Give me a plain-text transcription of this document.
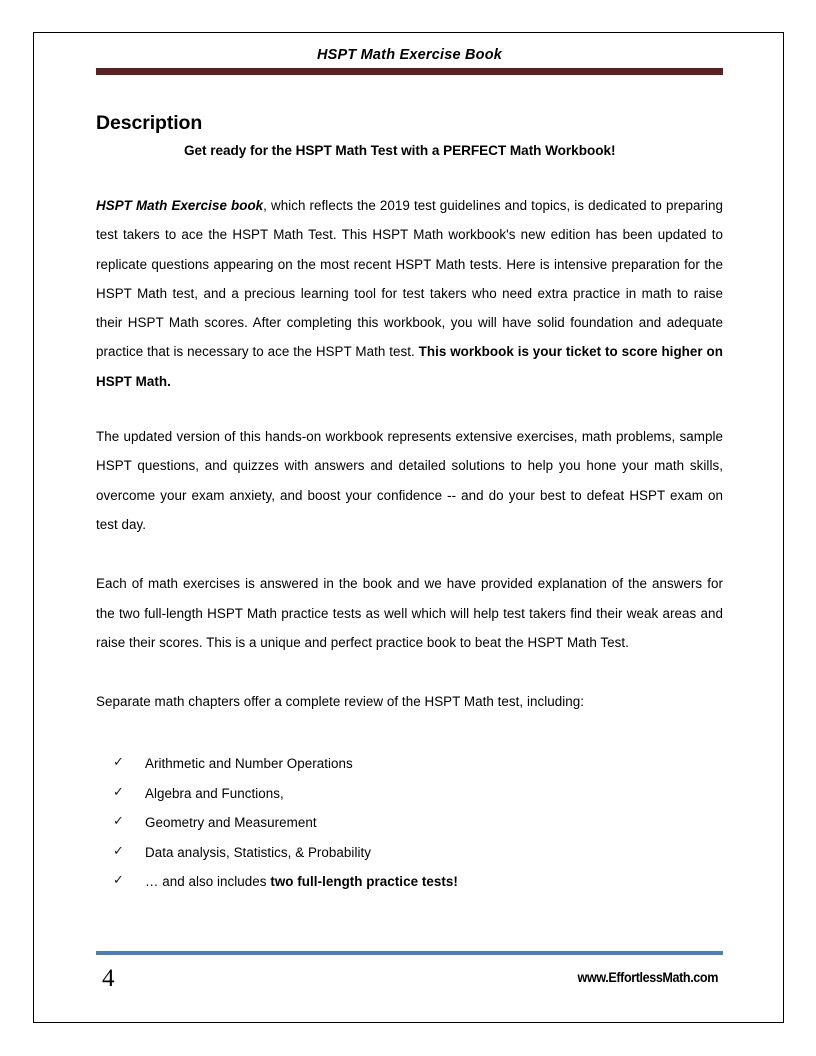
HSPT Math Exercise Book
Description
Get ready for the HSPT Math Test with a PERFECT Math Workbook!

HSPT Math Exercise book, which reflects the 2019 test guidelines and topics, is dedicated to preparing test takers to ace the HSPT Math Test. This HSPT Math workbook's new edition has been updated to replicate questions appearing on the most recent HSPT Math tests. Here is intensive preparation for the HSPT Math test, and a precious learning tool for test takers who need extra practice in math to raise their HSPT Math scores. After completing this workbook, you will have solid foundation and adequate practice that is necessary to ace the HSPT Math test. This workbook is your ticket to score higher on HSPT Math.

The updated version of this hands-on workbook represents extensive exercises, math problems, sample HSPT questions, and quizzes with answers and detailed solutions to help you hone your math skills, overcome your exam anxiety, and boost your confidence -- and do your best to defeat HSPT exam on test day.

Each of math exercises is answered in the book and we have provided explanation of the answers for the two full-length HSPT Math practice tests as well which will help test takers find their weak areas and raise their scores. This is a unique and perfect practice book to beat the HSPT Math Test.

Separate math chapters offer a complete review of the HSPT Math test, including:

✓ Arithmetic and Number Operations
✓ Algebra and Functions,
✓ Geometry and Measurement
✓ Data analysis, Statistics, & Probability
✓ … and also includes two full-length practice tests!
4	www.EffortlessMath.com
